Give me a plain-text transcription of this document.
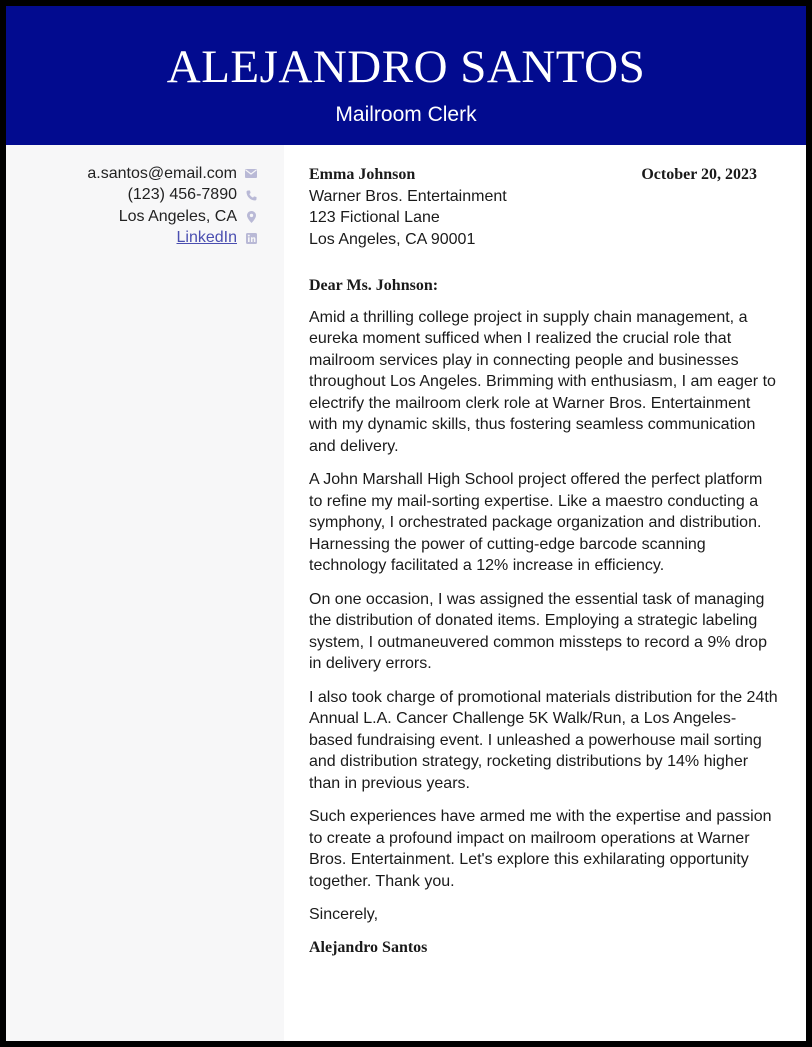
ALEJANDRO SANTOS
Mailroom Clerk
a.santos@email.com
(123) 456-7890
Los Angeles, CA
LinkedIn
Emma Johnson
Warner Bros. Entertainment
123 Fictional Lane
Los Angeles, CA 90001
October 20, 2023
Dear Ms. Johnson:

Amid a thrilling college project in supply chain management, a eureka moment sufficed when I realized the crucial role that mailroom services play in connecting people and businesses throughout Los Angeles. Brimming with enthusiasm, I am eager to electrify the mailroom clerk role at Warner Bros. Entertainment with my dynamic skills, thus fostering seamless communication and delivery.

A John Marshall High School project offered the perfect platform to refine my mail-sorting expertise. Like a maestro conducting a symphony, I orchestrated package organization and distribution. Harnessing the power of cutting-edge barcode scanning technology facilitated a 12% increase in efficiency.

On one occasion, I was assigned the essential task of managing the distribution of donated items. Employing a strategic labeling system, I outmaneuvered common missteps to record a 9% drop in delivery errors.

I also took charge of promotional materials distribution for the 24th Annual L.A. Cancer Challenge 5K Walk/Run, a Los Angeles-based fundraising event. I unleashed a powerhouse mail sorting and distribution strategy, rocketing distributions by 14% higher than in previous years.

Such experiences have armed me with the expertise and passion to create a profound impact on mailroom operations at Warner Bros. Entertainment. Let's explore this exhilarating opportunity together. Thank you.

Sincerely,
Alejandro Santos
